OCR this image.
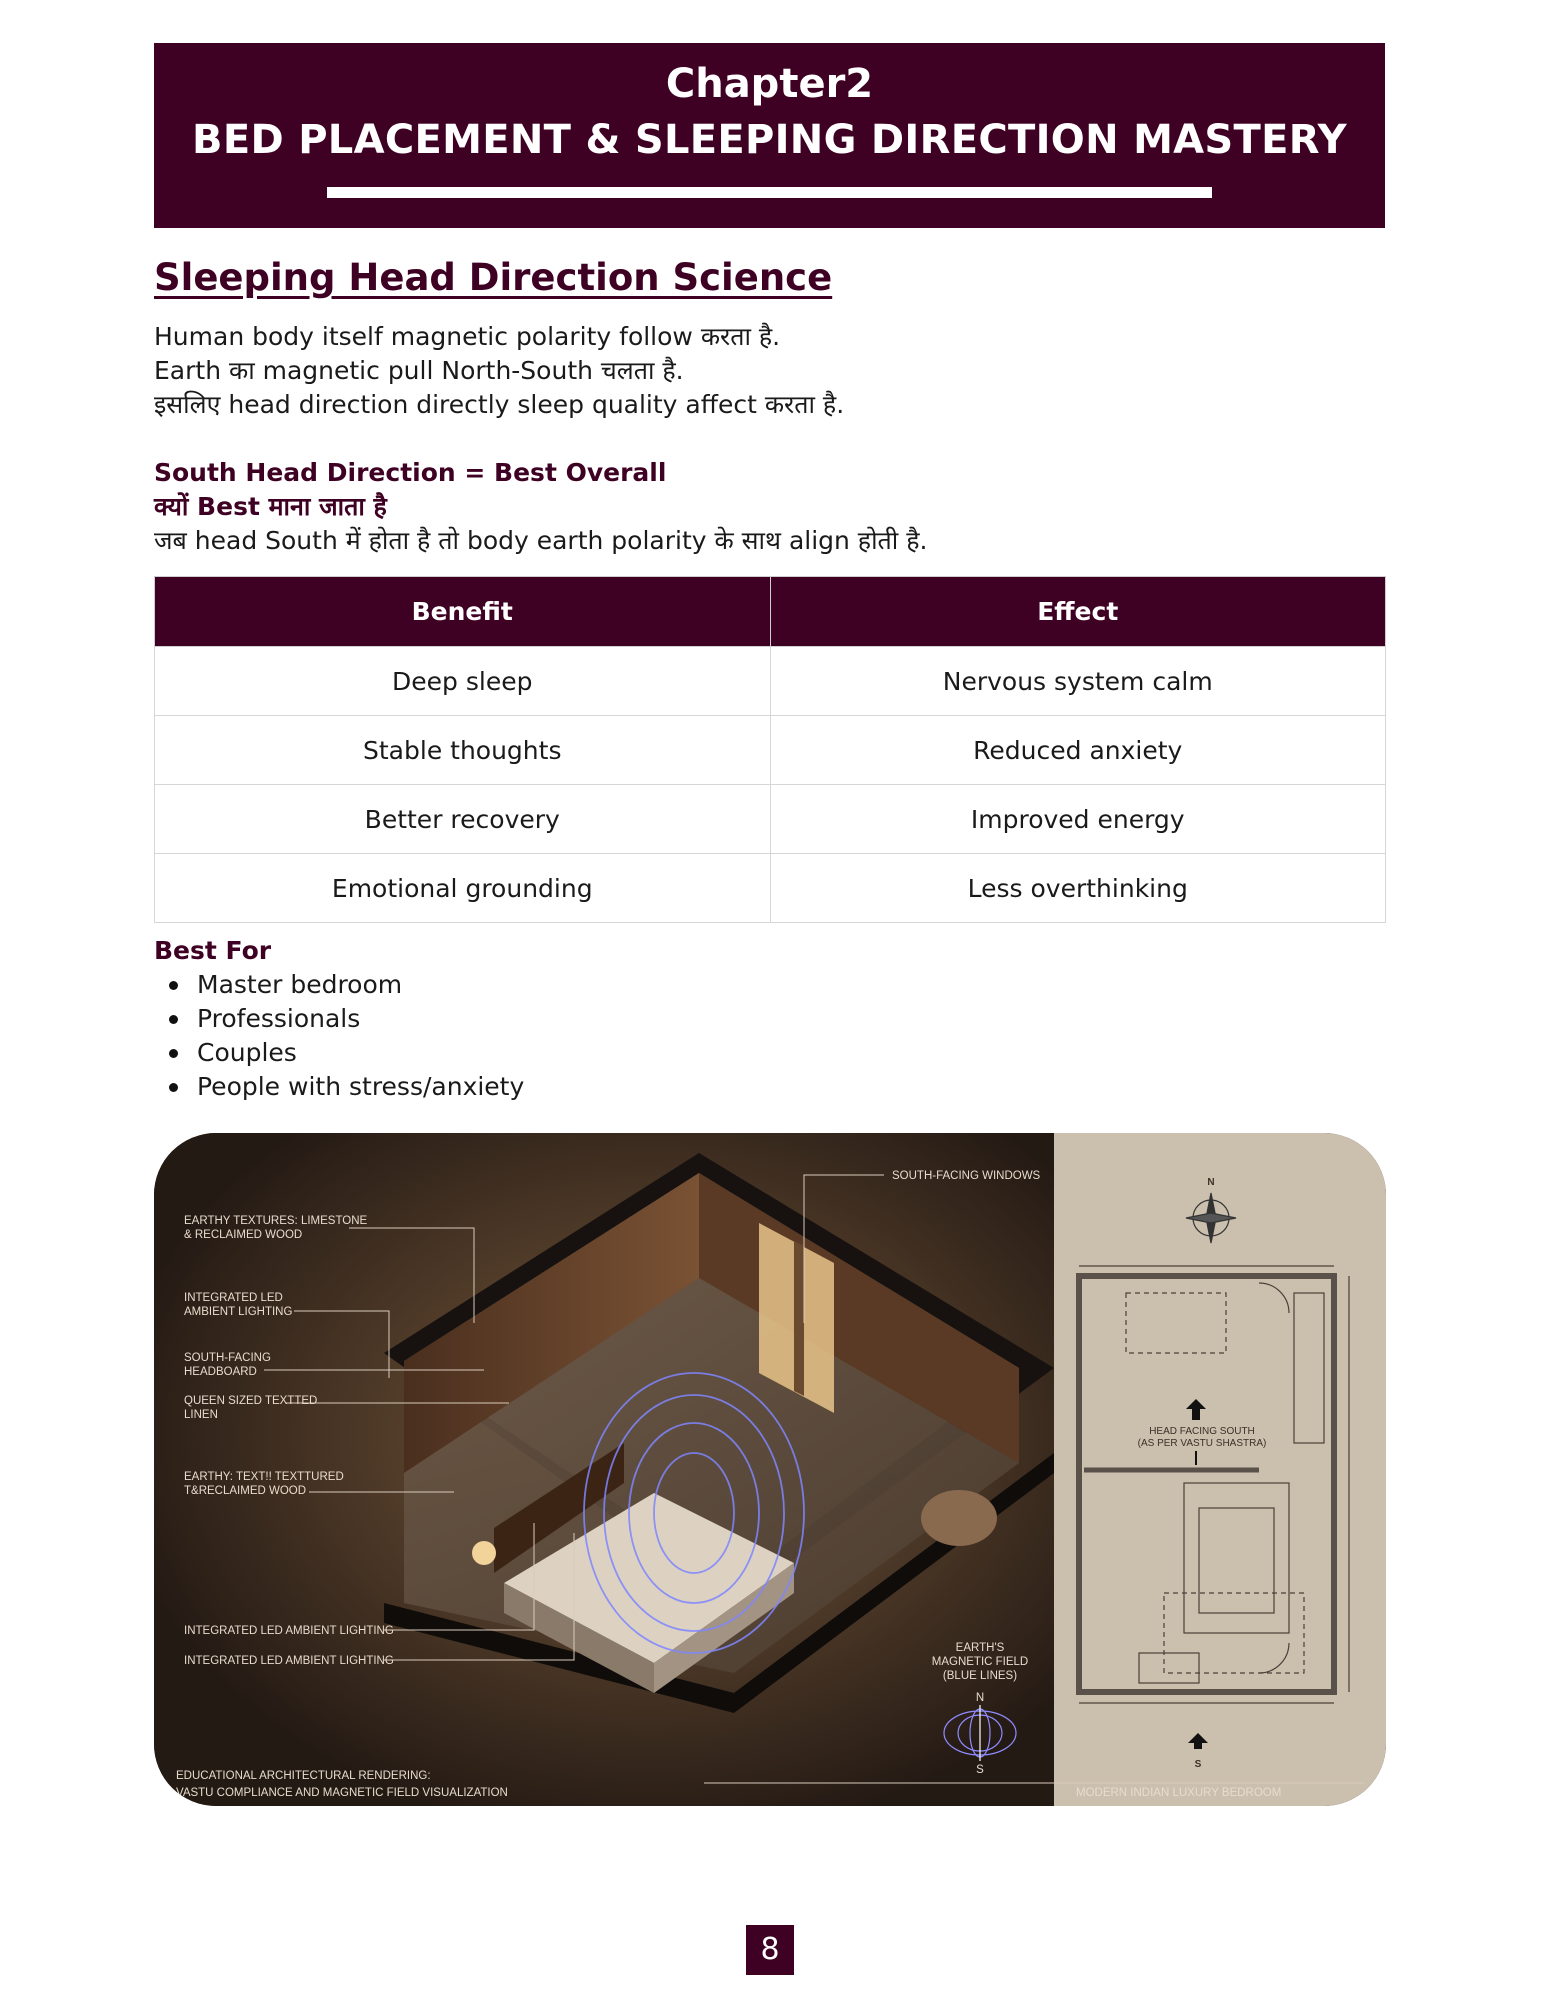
Chapter2
BED PLACEMENT & SLEEPING DIRECTION MASTERY
Sleeping Head Direction Science
Human body itself magnetic polarity follow करता है.
Earth का magnetic pull North-South चलता है.
इसलिए head direction directly sleep quality affect करता है.
South Head Direction = Best Overall
क्यों Best माना जाता है
जब head South में होता है तो body earth polarity के साथ align होती है.
Benefit	Effect
Deep sleep	Nervous system calm
Stable thoughts	Reduced anxiety
Better recovery	Improved energy
Emotional grounding	Less overthinking
Best For
Master bedroom
Professionals
Couples
People with stress/anxiety
EARTHY TEXTURES: LIMESTONE
& RECLAIMED WOOD
INTEGRATED LED
AMBIENT LIGHTING
SOUTH-FACING
HEADBOARD
QUEEN SIZED TEXTTED
LINEN
EARTHY: TEXT!! TEXTTURED
T&RECLAIMED WOOD
INTEGRATED LED AMBIENT LIGHTING
INTEGRATED LED AMBIENT LIGHTING
SOUTH-FACING WINDOWS
EARTH'S
MAGNETIC FIELD
(BLUE LINES)
N
S
EDUCATIONAL ARCHITECTURAL RENDERING:
VASTU COMPLIANCE AND MAGNETIC FIELD VISUALIZATION	MODERN INDIAN LUXURY BEDROOM
N
HEAD FACING SOUTH
(AS PER VASTU SHASTRA)
S
8
